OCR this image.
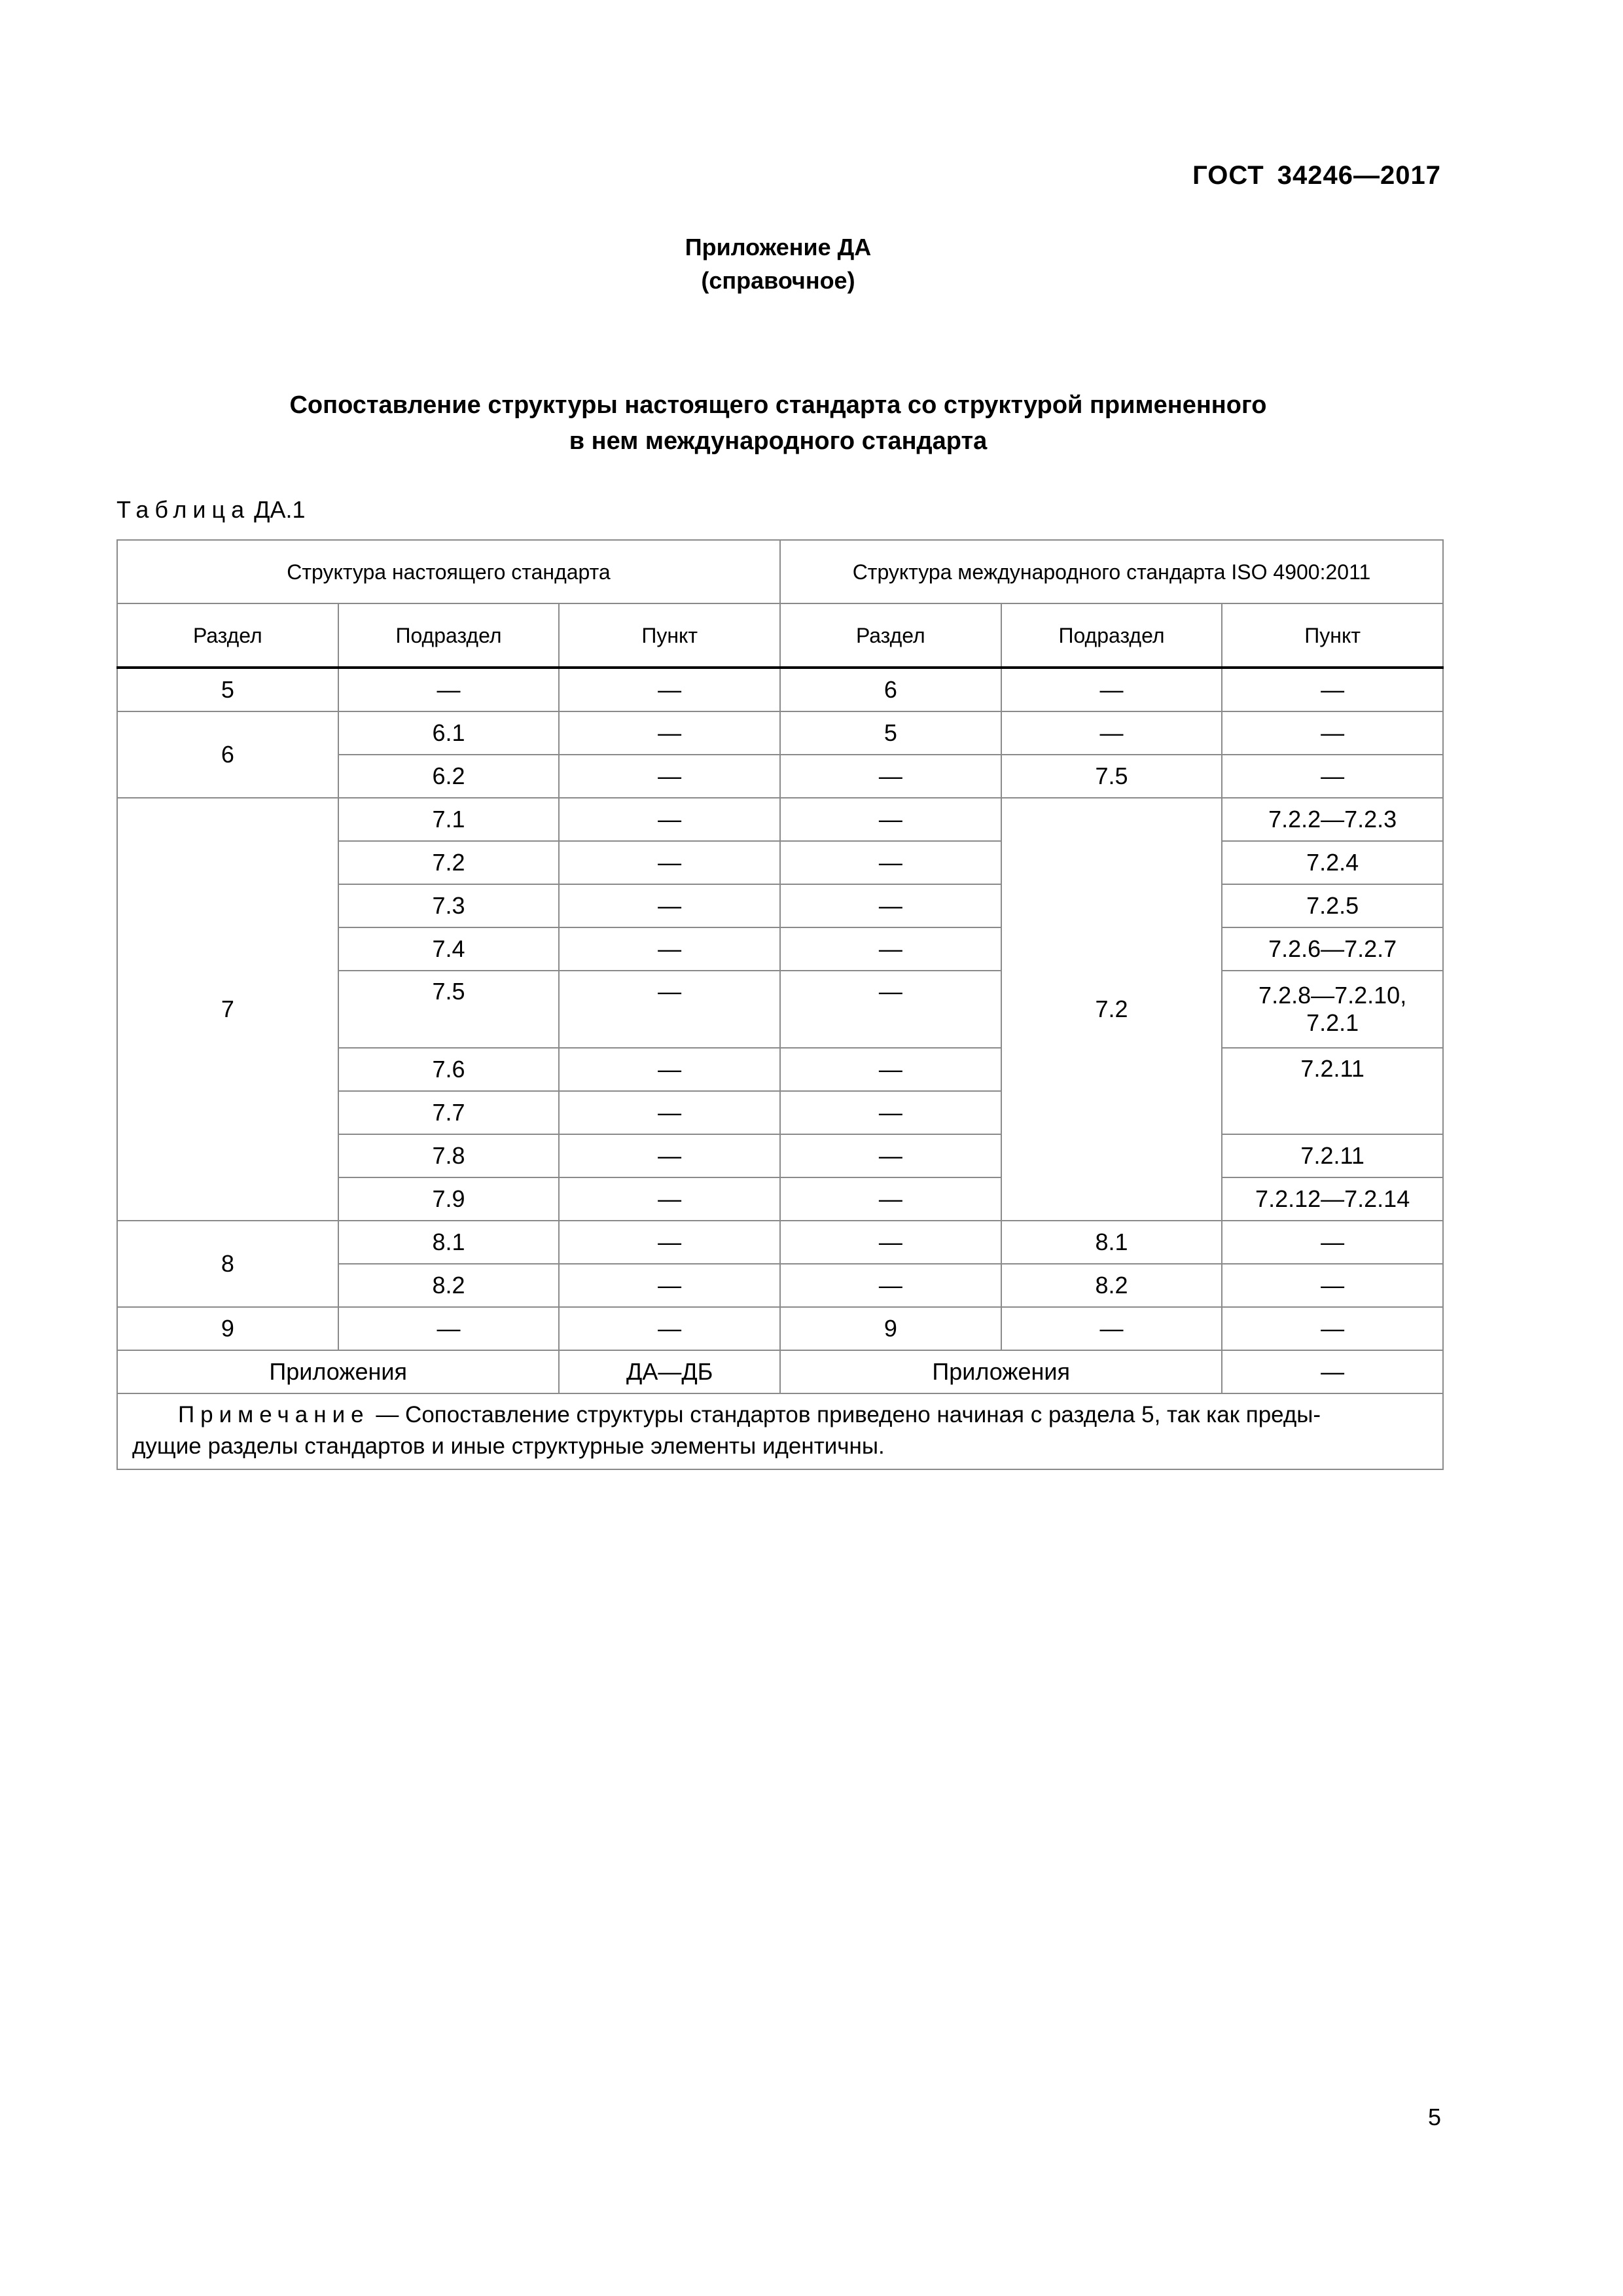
ГОСТ 34246—2017
Приложение ДА
(справочное)
Сопоставление структуры настоящего стандарта со структурой примененного
в нем международного стандарта
Таблица ДА.1
Структура настоящего стандарта			Структура международного стандарта ISO 4900:2011		
Раздел	Подраздел	Пункт	Раздел	Подраздел	Пункт
5	—	—	6	—	—
6	6.1	—	5	—	—
	6.2	—	—	7.5	—
7	7.1	—	—	7.2	7.2.2—7.2.3
	7.2	—	—		7.2.4
	7.3	—	—		7.2.5
	7.4	—	—		7.2.6—7.2.7
	7.5	—	—		7.2.8—7.2.10,
7.2.1

	7.6	—	—		7.2.11
	7.7	—	—		
	7.8	—	—		7.2.11
	7.9	—	—		7.2.12—7.2.14
8	8.1	—	—	8.1	—
	8.2	—	—	8.2	—
9	—	—	9	—	—
Приложения		ДА—ДБ	Приложения		—
Примечание — Сопоставление структуры стандартов приведено начиная с раздела 5, так как преды-
дущие разделы стандартов и иные структурные элементы идентичны.					
5
